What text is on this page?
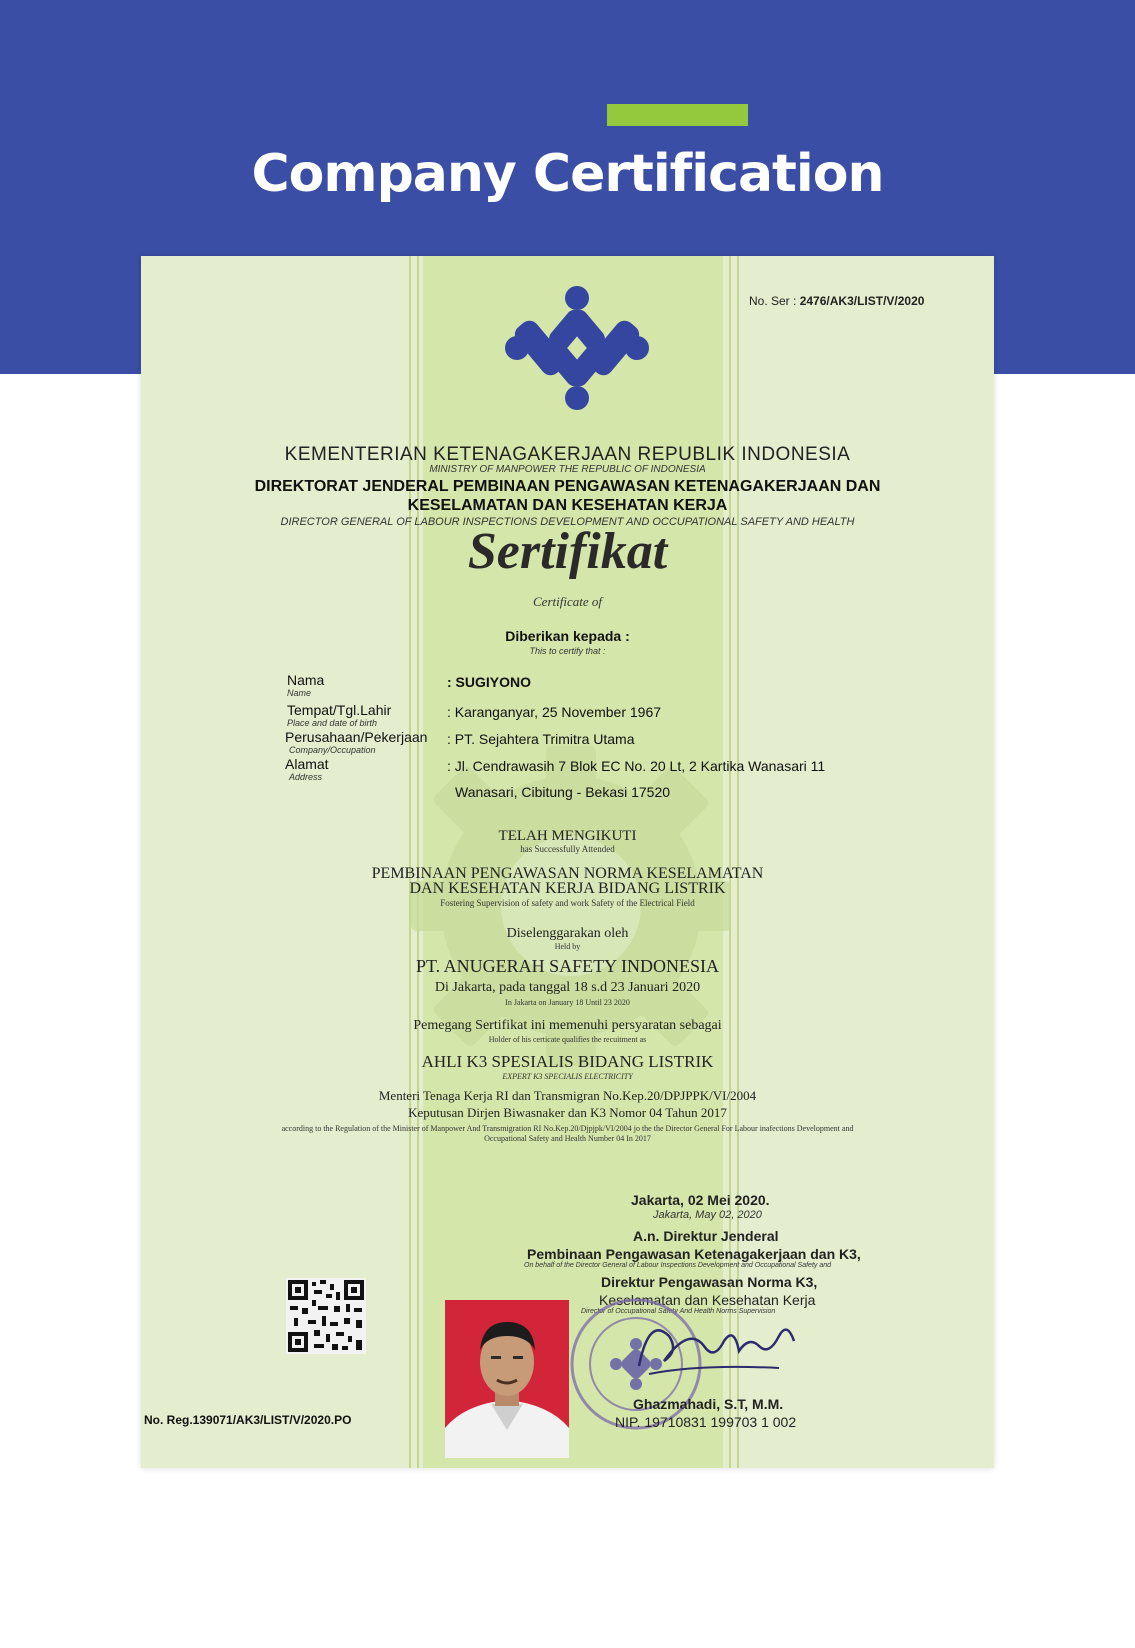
Company Certification
No. Ser : 2476/AK3/LIST/V/2020
KEMENTERIAN KETENAGAKERJAAN REPUBLIK INDONESIA
MINISTRY OF MANPOWER THE REPUBLIC OF INDONESIA
DIREKTORAT JENDERAL PEMBINAAN PENGAWASAN KETENAGAKERJAAN DAN
KESELAMATAN DAN KESEHATAN KERJA
DIRECTOR GENERAL OF LABOUR INSPECTIONS DEVELOPMENT AND OCCUPATIONAL SAFETY AND HEALTH
Sertifikat
Certificate of
Diberikan kepada :
This to certify that :
Nama
Name
: SUGIYONO
Tempat/Tgl.Lahir
Place and date of birth
: Karanganyar, 25 November 1967
Perusahaan/Pekerjaan
Company/Occupation
: PT. Sejahtera Trimitra Utama
Alamat
Address
: Jl. Cendrawasih 7 Blok EC No. 20 Lt, 2 Kartika Wanasari 11
Wanasari, Cibitung - Bekasi 17520
TELAH MENGIKUTI
has Successfully Attended
PEMBINAAN PENGAWASAN NORMA KESELAMATAN
DAN KESEHATAN KERJA BIDANG LISTRIK
Fostering Supervision of safety and work Safety of the Electrical Field
Diselenggarakan oleh
Held by
PT. ANUGERAH SAFETY INDONESIA
Di Jakarta, pada tanggal 18 s.d 23 Januari 2020
In Jakarta on January 18 Until 23 2020
Pemegang Sertifikat ini memenuhi persyaratan sebagai
Holder of his certicate qualifies the recuitment as
AHLI K3 SPESIALIS BIDANG LISTRIK
EXPERT K3 SPECIALIS ELECTRICITY
Menteri Tenaga Kerja RI dan Transmigran No.Kep.20/DPJPPK/VI/2004
Keputusan Dirjen Biwasnaker dan K3 Nomor 04 Tahun 2017
according to the Regulation of the Minister of Manpower And Transmigration RI No.Kep.20/Djpjpk/VI/2004 jo the the Director General For Labour inafections Development and
Occupational Safety and Health Number 04 In 2017
Jakarta, 02 Mei 2020.
Jakarta, May 02, 2020
A.n. Direktur Jenderal
Pembinaan Pengawasan Ketenagakerjaan dan K3,
On behalf of the Director General of Labour Inspections Development and Occupational Safety and
Direktur Pengawasan Norma K3,
Keselamatan dan Kesehatan Kerja
Director of Occupational Safety And Health Norms Supervision
Ghazmahadi, S.T, M.M.
NIP. 19710831 199703 1 002
No. Reg.139071/AK3/LIST/V/2020.PO
